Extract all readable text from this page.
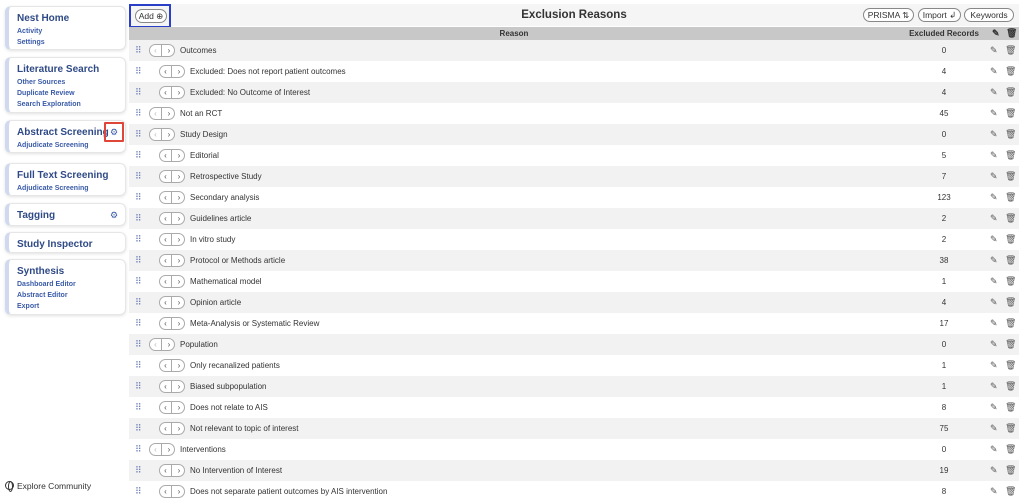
Nest Home
Activity
Settings
Literature Search
Other Sources
Duplicate Review
Search Exploration
Abstract Screening
Adjudicate Screening
⚙
Full Text Screening
Adjudicate Screening
Tagging	⚙
Study Inspector
Synthesis
Dashboard Editor
Abstract Editor
Export
Explore Community
Exclusion Reasons
Add ⊕	PRISMA ⇅	Import ↲	Keywords
Reason	Excluded Records	✎ 🗑
⠿	‹	›	Outcomes	0	✎ 🗑
⠿	‹	›	Excluded: Does not report patient outcomes	4	✎ 🗑
⠿	‹	›	Excluded: No Outcome of Interest	4	✎ 🗑
⠿	‹	›	Not an RCT	45	✎ 🗑
⠿	‹	›	Study Design	0	✎ 🗑
⠿	‹	›	Editorial	5	✎ 🗑
⠿	‹	›	Retrospective Study	7	✎ 🗑
⠿	‹	›	Secondary analysis	123	✎ 🗑
⠿	‹	›	Guidelines article	2	✎ 🗑
⠿	‹	›	In vitro study	2	✎ 🗑
⠿	‹	›	Protocol or Methods article	38	✎ 🗑
⠿	‹	›	Mathematical model	1	✎ 🗑
⠿	‹	›	Opinion article	4	✎ 🗑
⠿	‹	›	Meta-Analysis or Systematic Review	17	✎ 🗑
⠿	‹	›	Population	0	✎ 🗑
⠿	‹	›	Only recanalized patients	1	✎ 🗑
⠿	‹	›	Biased subpopulation	1	✎ 🗑
⠿	‹	›	Does not relate to AIS	8	✎ 🗑
⠿	‹	›	Not relevant to topic of interest	75	✎ 🗑
⠿	‹	›	Interventions	0	✎ 🗑
⠿	‹	›	No Intervention of Interest	19	✎ 🗑
⠿	‹	›	Does not separate patient outcomes by AIS intervention	8	✎ 🗑
